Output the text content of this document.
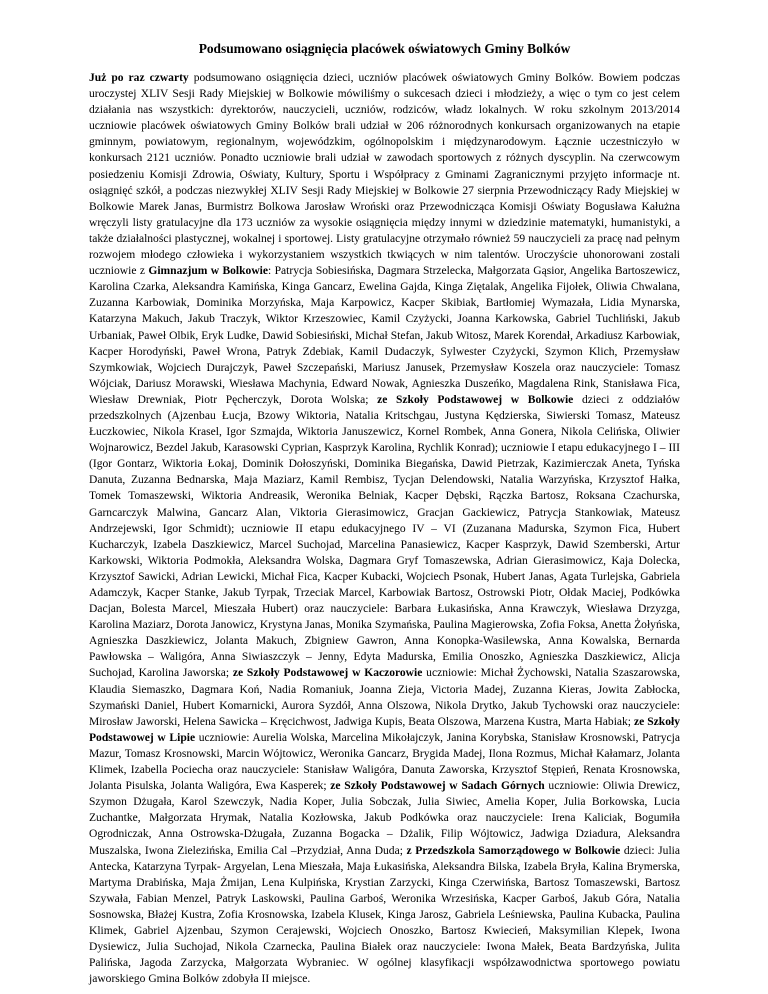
Podsumowano osiągnięcia placówek oświatowych Gminy Bolków

Już po raz czwarty podsumowano osiągnięcia dzieci, uczniów placówek oświatowych Gminy Bolków. Bowiem podczas uroczystej XLIV Sesji Rady Miejskiej w Bolkowie mówiliśmy o sukcesach dzieci i młodzieży, a więc o tym co jest celem działania nas wszystkich: dyrektorów, nauczycieli, uczniów, rodziców, władz lokalnych. W roku szkolnym 2013/2014 uczniowie placówek oświatowych Gminy Bolków brali udział w 206 różnorodnych konkursach organizowanych na etapie gminnym, powiatowym, regionalnym, wojewódzkim, ogólnopolskim i międzynarodowym. Łącznie uczestniczyło w konkursach 2121 uczniów. Ponadto uczniowie brali udział w zawodach sportowych z różnych dyscyplin. Na czerwcowym posiedzeniu Komisji Zdrowia, Oświaty, Kultury, Sportu i Współpracy z Gminami Zagranicznymi przyjęto informacje nt. osiągnięć szkół, a podczas niezwykłej XLIV Sesji Rady Miejskiej w Bolkowie 27 sierpnia Przewodniczący Rady Miejskiej w Bolkowie Marek Janas, Burmistrz Bolkowa Jarosław Wroński oraz Przewodnicząca Komisji Oświaty Bogusława Kałużna wręczyli listy gratulacyjne dla 173 uczniów za wysokie osiągnięcia między innymi w dziedzinie matematyki, humanistyki, a także działalności plastycznej, wokalnej i sportowej. Listy gratulacyjne otrzymało również 59 nauczycieli za pracę nad pełnym rozwojem młodego człowieka i wykorzystaniem wszystkich tkwiących w nim talentów. Uroczyście uhonorowani zostali uczniowie z Gimnazjum w Bolkowie: Patrycja Sobiesińska, Dagmara Strzelecka, Małgorzata Gąsior, Angelika Bartoszewicz, Karolina Czarka, Aleksandra Kamińska, Kinga Gancarz, Ewelina Gajda, Kinga Ziętalak, Angelika Fijołek, Oliwia Chwalana, Zuzanna Karbowiak, Dominika Morzyńska, Maja Karpowicz, Kacper Skibiak, Bartłomiej Wymazała, Lidia Mynarska, Katarzyna Makuch, Jakub Traczyk, Wiktor Krzeszowiec, Kamil Czyżycki, Joanna Karkowska, Gabriel Tuchliński, Jakub Urbaniak, Paweł Olbik, Eryk Ludke, Dawid Sobiesiński, Michał Stefan, Jakub Witosz, Marek Korendał, Arkadiusz Karbowiak, Kacper Horodyński, Paweł Wrona, Patryk Zdebiak, Kamil Dudaczyk, Sylwester Czyżycki, Szymon Klich, Przemysław Szymkowiak, Wojciech Durajczyk, Paweł Szczepański, Mariusz Janusek, Przemysław Koszela oraz nauczyciele: Tomasz Wójciak, Dariusz Morawski, Wiesława Machynia, Edward Nowak, Agnieszka Duszeńko, Magdalena Rink, Stanisława Fica, Wiesław Drewniak, Piotr Pęcherczyk, Dorota Wolska; ze Szkoły Podstawowej w Bolkowie dzieci z oddziałów przedszkolnych (Ajzenbau Łucja, Bzowy Wiktoria, Natalia Kritschgau, Justyna Kędzierska, Siwierski Tomasz, Mateusz Łuczkowiec, Nikola Krasel, Igor Szmajda, Wiktoria Januszewicz, Kornel Rombek, Anna Gonera, Nikola Celińska, Oliwier Wojnarowicz, Bezdel Jakub, Karasowski Cyprian, Kasprzyk Karolina, Rychlik Konrad); uczniowie I etapu edukacyjnego I – III (Igor Gontarz, Wiktoria Łokaj, Dominik Dołoszyński, Dominika Biegańska, Dawid Pietrzak, Kazimierczak Aneta, Tyńska Danuta, Zuzanna Bednarska, Maja Maziarz, Kamil Rembisz, Tycjan Delendowski, Natalia Warzyńska, Krzysztof Hałka, Tomek Tomaszewski, Wiktoria Andreasik, Weronika Belniak, Kacper Dębski, Rączka Bartosz, Roksana Czachurska, Garncarczyk Malwina, Gancarz Alan, Viktoria Gierasimowicz, Gracjan Gackiewicz, Patrycja Stankowiak, Mateusz Andrzejewski, Igor Schmidt); uczniowie II etapu edukacyjnego IV – VI (Zuzanana Madurska, Szymon Fica, Hubert Kucharczyk, Izabela Daszkiewicz, Marcel Suchojad, Marcelina Panasiewicz, Kacper Kasprzyk, Dawid Szemberski, Artur Karkowski, Wiktoria Podmokła, Aleksandra Wolska, Dagmara Gryf Tomaszewska, Adrian Gierasimowicz, Kaja Dolecka, Krzysztof Sawicki, Adrian Lewicki, Michał Fica, Kacper Kubacki, Wojciech Psonak, Hubert Janas, Agata Turlejska, Gabriela Adamczyk, Kacper Stanke, Jakub Tyrpak, Trzeciak Marcel, Karbowiak Bartosz, Ostrowski Piotr, Ołdak Maciej, Podkówka Dacjan, Bolesta Marcel, Mieszała Hubert) oraz nauczyciele: Barbara Łukasińska, Anna Krawczyk, Wiesława Drzyzga, Karolina Maziarz, Dorota Janowicz, Krystyna Janas, Monika Szymańska, Paulina Magierowska, Zofia Foksa, Anetta Żołyńska, Agnieszka Daszkiewicz, Jolanta Makuch, Zbigniew Gawron, Anna Konopka-Wasilewska, Anna Kowalska, Bernarda Pawłowska – Waligóra, Anna Siwiaszczyk – Jenny, Edyta Madurska, Emilia Onoszko, Agnieszka Daszkiewicz, Alicja Suchojad, Karolina Jaworska; ze Szkoły Podstawowej w Kaczorowie uczniowie: Michał Żychowski, Natalia Szaszarowska, Klaudia Siemaszko, Dagmara Koń, Nadia Romaniuk, Joanna Zieja, Victoria Madej, Zuzanna Kieras, Jowita Zabłocka, Szymański Daniel, Hubert Komarnicki, Aurora Syzdół, Anna Olszowa, Nikola Drytko, Jakub Tychowski oraz nauczyciele: Mirosław Jaworski, Helena Sawicka – Kręcichwost, Jadwiga Kupis, Beata Olszowa, Marzena Kustra, Marta Habiak; ze Szkoły Podstawowej w Lipie uczniowie: Aurelia Wolska, Marcelina Mikołajczyk, Janina Korybska, Stanisław Krosnowski, Patrycja Mazur, Tomasz Krosnowski, Marcin Wójtowicz, Weronika Gancarz, Brygida Madej, Ilona Rozmus, Michał Kałamarz, Jolanta Klimek, Izabella Pociecha oraz nauczyciele: Stanisław Waligóra, Danuta Zaworska, Krzysztof Stępień, Renata Krosnowska, Jolanta Pisulska, Jolanta Waligóra, Ewa Kasperek; ze Szkoły Podstawowej w Sadach Górnych uczniowie: Oliwia Drewicz, Szymon Dżugała, Karol Szewczyk, Nadia Koper, Julia Sobczak, Julia Siwiec, Amelia Koper, Julia Borkowska, Lucia Zuchantke, Małgorzata Hrymak, Natalia Kozłowska, Jakub Podkówka oraz nauczyciele: Irena Kaliciak, Bogumiła Ogrodniczak, Anna Ostrowska-Dżugała, Zuzanna Bogacka – Dżalik, Filip Wójtowicz, Jadwiga Dziadura, Aleksandra Muszalska, Iwona Zielezińska, Emilia Cal –Przydział, Anna Duda; z Przedszkola Samorządowego w Bolkowie dzieci: Julia Antecka, Katarzyna Tyrpak- Argyelan, Lena Mieszała, Maja Łukasińska, Aleksandra Bilska, Izabela Bryła, Kalina Brymerska, Martyma Drabińska, Maja Żmijan, Lena Kulpińska, Krystian Zarzycki, Kinga Czerwińska, Bartosz Tomaszewski, Bartosz Szywała, Fabian Menzel, Patryk Laskowski, Paulina Garboś, Weronika Wrzesińska, Kacper Garboś, Jakub Góra, Natalia Sosnowska, Błażej Kustra, Zofia Krosnowska, Izabela Klusek, Kinga Jarosz, Gabriela Leśniewska, Paulina Kubacka, Paulina Klimek, Gabriel Ajzenbau, Szymon Cerajewski, Wojciech Onoszko, Bartosz Kwiecień, Maksymilian Klepek, Iwona Dysiewicz, Julia Suchojad, Nikola Czarnecka, Paulina Białek oraz nauczyciele: Iwona Małek, Beata Bardzyńska, Julita Palińska, Jagoda Zarzycka, Małgorzata Wybraniec. W ogólnej klasyfikacji współzawodnictwa sportowego powiatu jaworskiego Gmina Bolków zdobyła II miejsce.
